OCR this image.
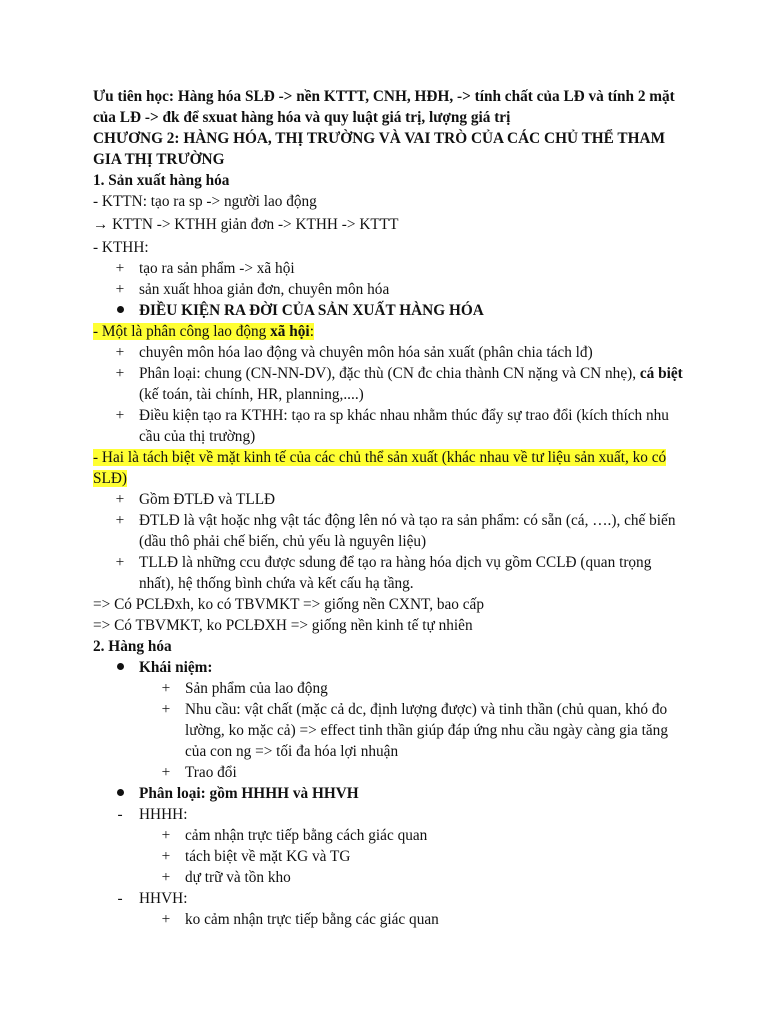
Ưu tiên học: Hàng hóa SLĐ -> nền KTTT, CNH, HĐH, -> tính chất của LĐ và tính 2 mặt của LĐ -> đk để sxuat hàng hóa và quy luật giá trị, lượng giá trị
CHƯƠNG 2: HÀNG HÓA, THỊ TRƯỜNG VÀ VAI TRÒ CỦA CÁC CHỦ THỂ THAM GIA THỊ TRƯỜNG
1. Sản xuất hàng hóa
- KTTN: tạo ra sp -> người lao động
→ KTTN -> KTHH giản đơn -> KTHH -> KTTT
- KTHH:
+ tạo ra sản phẩm -> xã hội
+ sản xuất hhoa giản đơn, chuyên môn hóa
ĐIỀU KIỆN RA ĐỜI CỦA SẢN XUẤT HÀNG HÓA
- Một là phân công lao động xã hội:
+ chuyên môn hóa lao động và chuyên môn hóa sản xuất (phân chia tách lđ)
+ Phân loại: chung (CN-NN-DV), đặc thù (CN đc chia thành CN nặng và CN nhẹ), cá biệt (kế toán, tài chính, HR, planning,....)
+ Điều kiện tạo ra KTHH: tạo ra sp khác nhau nhằm thúc đẩy sự trao đổi (kích thích nhu cầu của thị trường)
- Hai là tách biệt về mặt kinh tế của các chủ thể sản xuất (khác nhau về tư liệu sản xuất, ko có SLĐ)
+ Gồm ĐTLĐ và TLLĐ
+ ĐTLĐ là vật hoặc nhg vật tác động lên nó và tạo ra sản phẩm: có sẵn (cá, ….), chế biến (dầu thô phải chế biến, chủ yếu là nguyên liệu)
+ TLLĐ là những ccu được sdung để tạo ra hàng hóa dịch vụ gồm CCLĐ (quan trọng nhất), hệ thống bình chứa và kết cấu hạ tầng.
=> Có PCLĐxh, ko có TBVMKT => giống nền CXNT, bao cấp
=> Có TBVMKT, ko PCLĐXH => giống nền kinh tế tự nhiên
2. Hàng hóa
Khái niệm:
+ Sản phẩm của lao động
+ Nhu cầu: vật chất (mặc cả dc, định lượng được) và tinh thần (chủ quan, khó đo lường, ko mặc cả) => effect tinh thần giúp đáp ứng nhu cầu ngày càng gia tăng của con ng => tối đa hóa lợi nhuận
+ Trao đổi
Phân loại: gồm HHHH và HHVH
- HHHH:
+ cảm nhận trực tiếp bằng cách giác quan
+ tách biệt về mặt KG và TG
+ dự trữ và tồn kho
- HHVH:
+ ko cảm nhận trực tiếp bằng các giác quan
